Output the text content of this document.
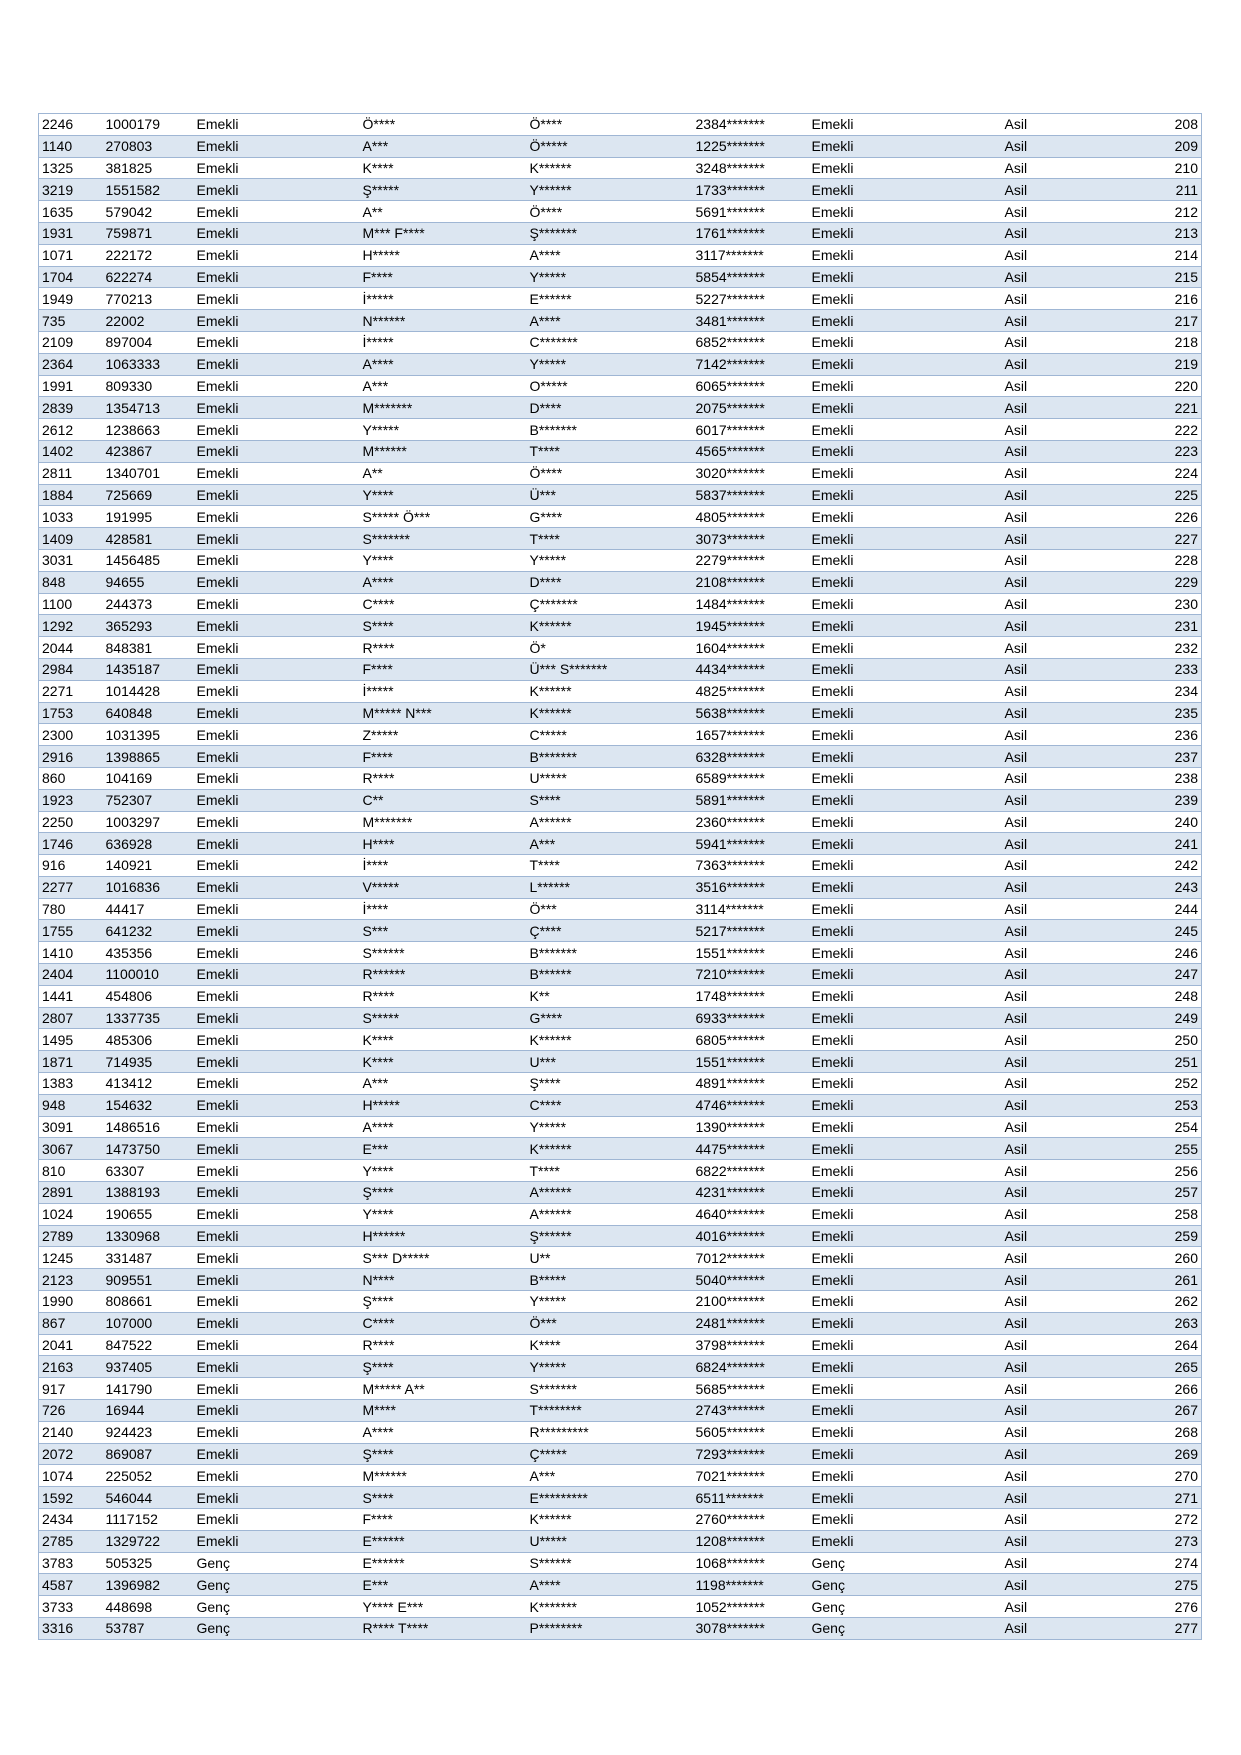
2246	1000179	Emekli	Ö****	Ö****	2384*******	Emekli	Asil	208
1140	270803	Emekli	A***	Ö*****	1225*******	Emekli	Asil	209
1325	381825	Emekli	K****	K******	3248*******	Emekli	Asil	210
3219	1551582	Emekli	Ş*****	Y******	1733*******	Emekli	Asil	211
1635	579042	Emekli	A**	Ö****	5691*******	Emekli	Asil	212
1931	759871	Emekli	M*** F****	Ş*******	1761*******	Emekli	Asil	213
1071	222172	Emekli	H*****	A****	3117*******	Emekli	Asil	214
1704	622274	Emekli	F****	Y*****	5854*******	Emekli	Asil	215
1949	770213	Emekli	İ*****	E******	5227*******	Emekli	Asil	216
735	22002	Emekli	N******	A****	3481*******	Emekli	Asil	217
2109	897004	Emekli	İ*****	C*******	6852*******	Emekli	Asil	218
2364	1063333	Emekli	A****	Y*****	7142*******	Emekli	Asil	219
1991	809330	Emekli	A***	O*****	6065*******	Emekli	Asil	220
2839	1354713	Emekli	M*******	D****	2075*******	Emekli	Asil	221
2612	1238663	Emekli	Y*****	B*******	6017*******	Emekli	Asil	222
1402	423867	Emekli	M******	T****	4565*******	Emekli	Asil	223
2811	1340701	Emekli	A**	Ö****	3020*******	Emekli	Asil	224
1884	725669	Emekli	Y****	Ü***	5837*******	Emekli	Asil	225
1033	191995	Emekli	S***** Ö***	G****	4805*******	Emekli	Asil	226
1409	428581	Emekli	S*******	T****	3073*******	Emekli	Asil	227
3031	1456485	Emekli	Y****	Y*****	2279*******	Emekli	Asil	228
848	94655	Emekli	A****	D****	2108*******	Emekli	Asil	229
1100	244373	Emekli	C****	Ç*******	1484*******	Emekli	Asil	230
1292	365293	Emekli	S****	K******	1945*******	Emekli	Asil	231
2044	848381	Emekli	R****	Ö*	1604*******	Emekli	Asil	232
2984	1435187	Emekli	F****	Ü*** S*******	4434*******	Emekli	Asil	233
2271	1014428	Emekli	İ*****	K******	4825*******	Emekli	Asil	234
1753	640848	Emekli	M***** N***	K******	5638*******	Emekli	Asil	235
2300	1031395	Emekli	Z*****	C*****	1657*******	Emekli	Asil	236
2916	1398865	Emekli	F****	B*******	6328*******	Emekli	Asil	237
860	104169	Emekli	R****	U*****	6589*******	Emekli	Asil	238
1923	752307	Emekli	C**	S****	5891*******	Emekli	Asil	239
2250	1003297	Emekli	M*******	A******	2360*******	Emekli	Asil	240
1746	636928	Emekli	H****	A***	5941*******	Emekli	Asil	241
916	140921	Emekli	İ****	T****	7363*******	Emekli	Asil	242
2277	1016836	Emekli	V*****	L******	3516*******	Emekli	Asil	243
780	44417	Emekli	İ****	Ö***	3114*******	Emekli	Asil	244
1755	641232	Emekli	S***	Ç****	5217*******	Emekli	Asil	245
1410	435356	Emekli	S******	B*******	1551*******	Emekli	Asil	246
2404	1100010	Emekli	R******	B******	7210*******	Emekli	Asil	247
1441	454806	Emekli	R****	K**	1748*******	Emekli	Asil	248
2807	1337735	Emekli	S*****	G****	6933*******	Emekli	Asil	249
1495	485306	Emekli	K****	K******	6805*******	Emekli	Asil	250
1871	714935	Emekli	K****	U***	1551*******	Emekli	Asil	251
1383	413412	Emekli	A***	Ş****	4891*******	Emekli	Asil	252
948	154632	Emekli	H*****	C****	4746*******	Emekli	Asil	253
3091	1486516	Emekli	A****	Y*****	1390*******	Emekli	Asil	254
3067	1473750	Emekli	E***	K******	4475*******	Emekli	Asil	255
810	63307	Emekli	Y****	T****	6822*******	Emekli	Asil	256
2891	1388193	Emekli	Ş****	A******	4231*******	Emekli	Asil	257
1024	190655	Emekli	Y****	A******	4640*******	Emekli	Asil	258
2789	1330968	Emekli	H******	Ş******	4016*******	Emekli	Asil	259
1245	331487	Emekli	S*** D*****	U**	7012*******	Emekli	Asil	260
2123	909551	Emekli	N****	B*****	5040*******	Emekli	Asil	261
1990	808661	Emekli	Ş****	Y*****	2100*******	Emekli	Asil	262
867	107000	Emekli	C****	Ö***	2481*******	Emekli	Asil	263
2041	847522	Emekli	R****	K****	3798*******	Emekli	Asil	264
2163	937405	Emekli	Ş****	Y*****	6824*******	Emekli	Asil	265
917	141790	Emekli	M***** A**	S*******	5685*******	Emekli	Asil	266
726	16944	Emekli	M****	T********	2743*******	Emekli	Asil	267
2140	924423	Emekli	A****	R*********	5605*******	Emekli	Asil	268
2072	869087	Emekli	Ş****	Ç*****	7293*******	Emekli	Asil	269
1074	225052	Emekli	M******	A***	7021*******	Emekli	Asil	270
1592	546044	Emekli	S****	E*********	6511*******	Emekli	Asil	271
2434	1117152	Emekli	F****	K******	2760*******	Emekli	Asil	272
2785	1329722	Emekli	E******	U*****	1208*******	Emekli	Asil	273
3783	505325	Genç	E******	S******	1068*******	Genç	Asil	274
4587	1396982	Genç	E***	A****	1198*******	Genç	Asil	275
3733	448698	Genç	Y**** E***	K*******	1052*******	Genç	Asil	276
3316	53787	Genç	R**** T****	P********	3078*******	Genç	Asil	277
